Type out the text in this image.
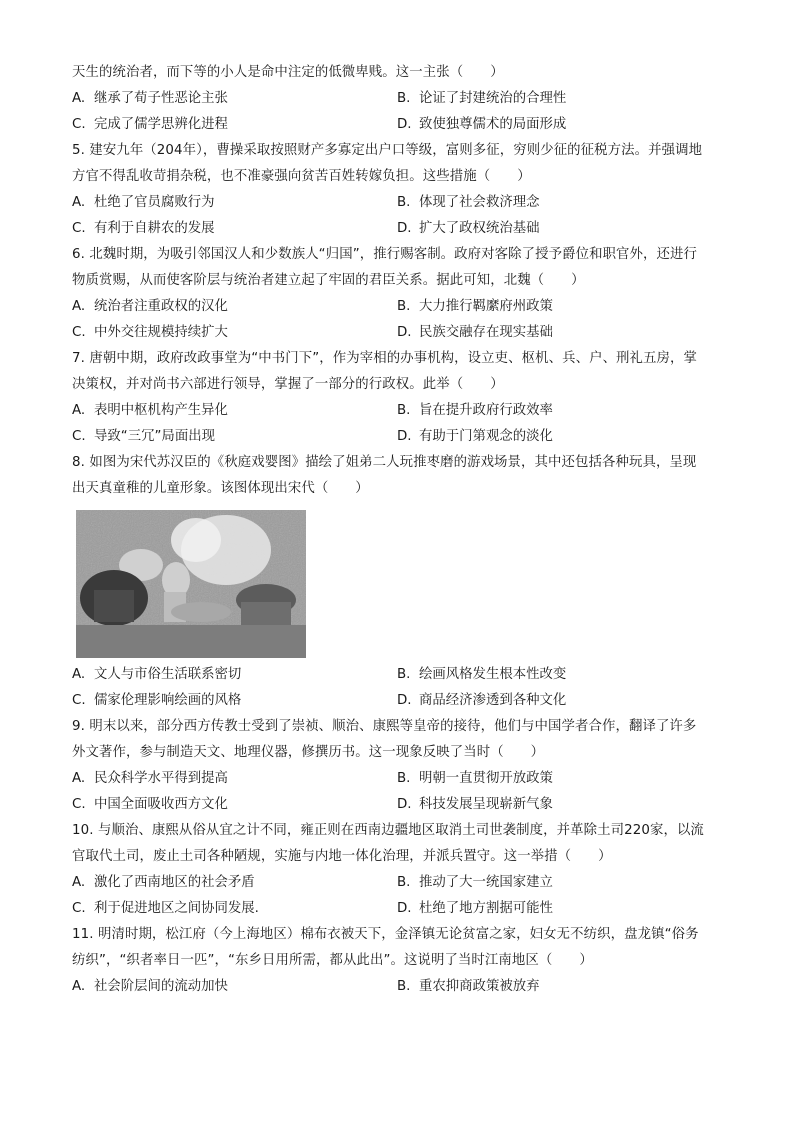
天生的统治者，而下等的小人是命中注定的低微卑贱。这一主张（　　）
A. 继承了荀子性恶论主张	B. 论证了封建统治的合理性
C. 完成了儒学思辨化进程	D. 致使独尊儒术的局面形成
5. 建安九年（204年），曹操采取按照财产多寡定出户口等级，富则多征，穷则少征的征税方法。并强调地
方官不得乱收苛捐杂税，也不准豪强向贫苦百姓转嫁负担。这些措施（　　）
A. 杜绝了官员腐败行为	B. 体现了社会救济理念
C. 有利于自耕农的发展	D. 扩大了政权统治基础
6. 北魏时期，为吸引邻国汉人和少数族人“归国”，推行赐客制。政府对客除了授予爵位和职官外，还进行
物质赏赐，从而使客阶层与统治者建立起了牢固的君臣关系。据此可知，北魏（　　）
A. 统治者注重政权的汉化	B. 大力推行羁縻府州政策
C. 中外交往规模持续扩大	D. 民族交融存在现实基础
7. 唐朝中期，政府改政事堂为“中书门下”，作为宰相的办事机构，设立吏、枢机、兵、户、刑礼五房，掌
决策权，并对尚书六部进行领导，掌握了一部分的行政权。此举（　　）
A. 表明中枢机构产生异化	B. 旨在提升政府行政效率
C. 导致“三冗”局面出现	D. 有助于门第观念的淡化
8. 如图为宋代苏汉臣的《秋庭戏婴图》描绘了姐弟二人玩推枣磨的游戏场景，其中还包括各种玩具，呈现
出天真童稚的儿童形象。该图体现出宋代（　　）
A. 文人与市俗生活联系密切	B. 绘画风格发生根本性改变
C. 儒家伦理影响绘画的风格	D. 商品经济渗透到各种文化
9. 明末以来，部分西方传教士受到了崇祯、顺治、康熙等皇帝的接待，他们与中国学者合作，翻译了许多
外文著作，参与制造天文、地理仪器，修撰历书。这一现象反映了当时（　　）
A. 民众科学水平得到提高	B. 明朝一直贯彻开放政策
C. 中国全面吸收西方文化	D. 科技发展呈现崭新气象
10. 与顺治、康熙从俗从宜之计不同，雍正则在西南边疆地区取消土司世袭制度，并革除土司220家，以流
官取代土司，废止土司各种陋规，实施与内地一体化治理，并派兵置守。这一举措（　　）
A. 激化了西南地区的社会矛盾	B. 推动了大一统国家建立
C. 利于促进地区之间协同发展.	D. 杜绝了地方割据可能性
11. 明清时期，松江府（今上海地区）棉布衣被天下，金泽镇无论贫富之家，妇女无不纺织，盘龙镇“俗务
纺织”，“织者率日一匹”，“东乡日用所需，都从此出”。这说明了当时江南地区（　　）
A. 社会阶层间的流动加快	B. 重农抑商政策被放弃
